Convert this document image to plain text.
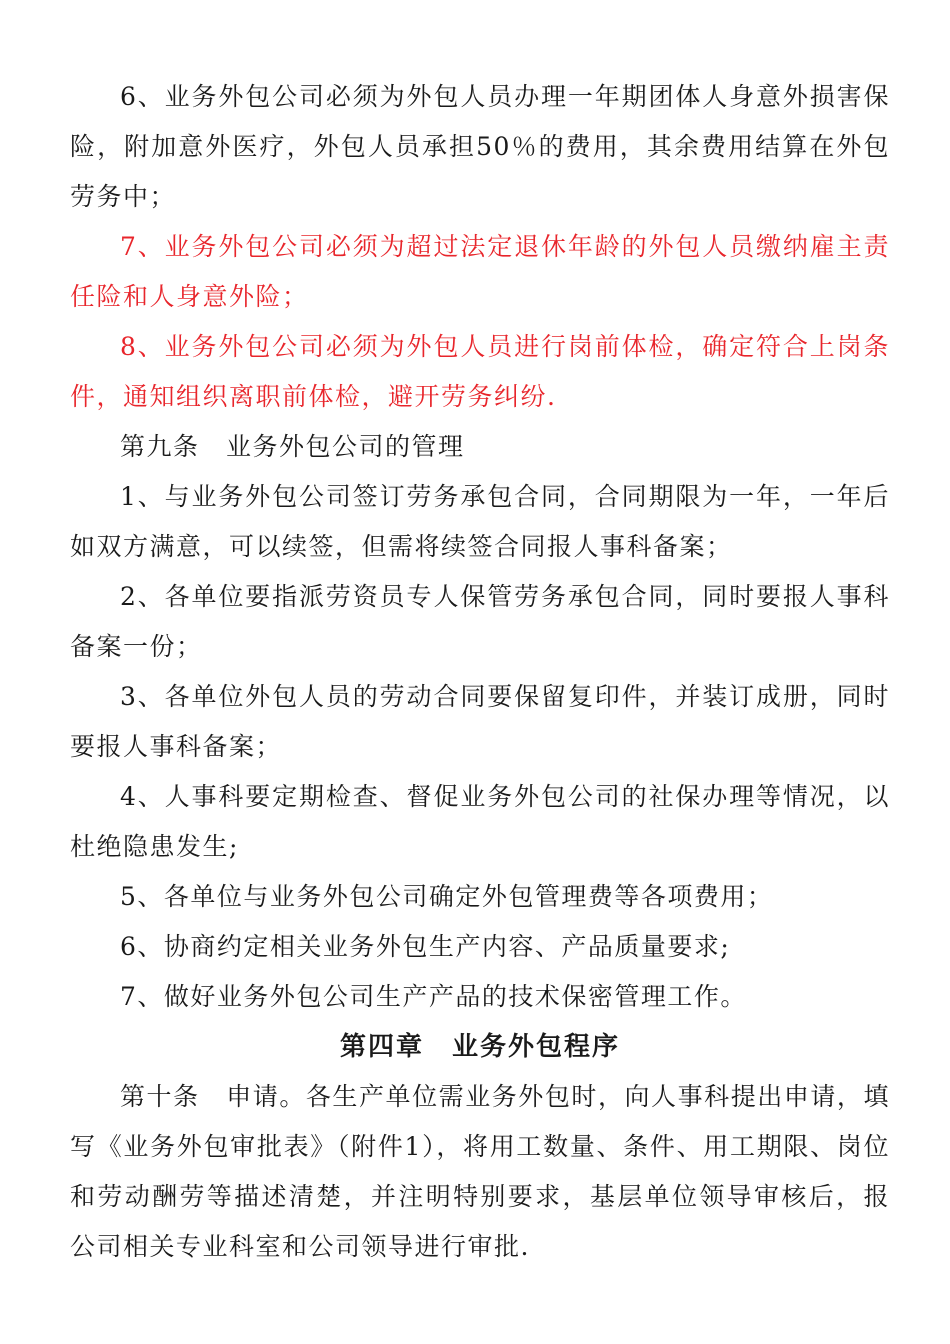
6、业务外包公司必须为外包人员办理一年期团体人身意外损害保险，附加意外医疗，外包人员承担50％的费用，其余费用结算在外包劳务中；

7、业务外包公司必须为超过法定退休年龄的外包人员缴纳雇主责任险和人身意外险；

8、业务外包公司必须为外包人员进行岗前体检，确定符合上岗条件，通知组织离职前体检，避开劳务纠纷.

第九条　业务外包公司的管理

1、与业务外包公司签订劳务承包合同，合同期限为一年，一年后如双方满意，可以续签，但需将续签合同报人事科备案；

2、各单位要指派劳资员专人保管劳务承包合同，同时要报人事科备案一份；

3、各单位外包人员的劳动合同要保留复印件，并装订成册，同时要报人事科备案；

4、人事科要定期检查、督促业务外包公司的社保办理等情况，以杜绝隐患发生;

5、各单位与业务外包公司确定外包管理费等各项费用；

6、协商约定相关业务外包生产内容、产品质量要求;

7、做好业务外包公司生产产品的技术保密管理工作。

第四章　业务外包程序

第十条　申请。各生产单位需业务外包时，向人事科提出申请，填写《业务外包审批表》（附件1），将用工数量、条件、用工期限、岗位和劳动酬劳等描述清楚，并注明特别要求，基层单位领导审核后，报公司相关专业科室和公司领导进行审批.
